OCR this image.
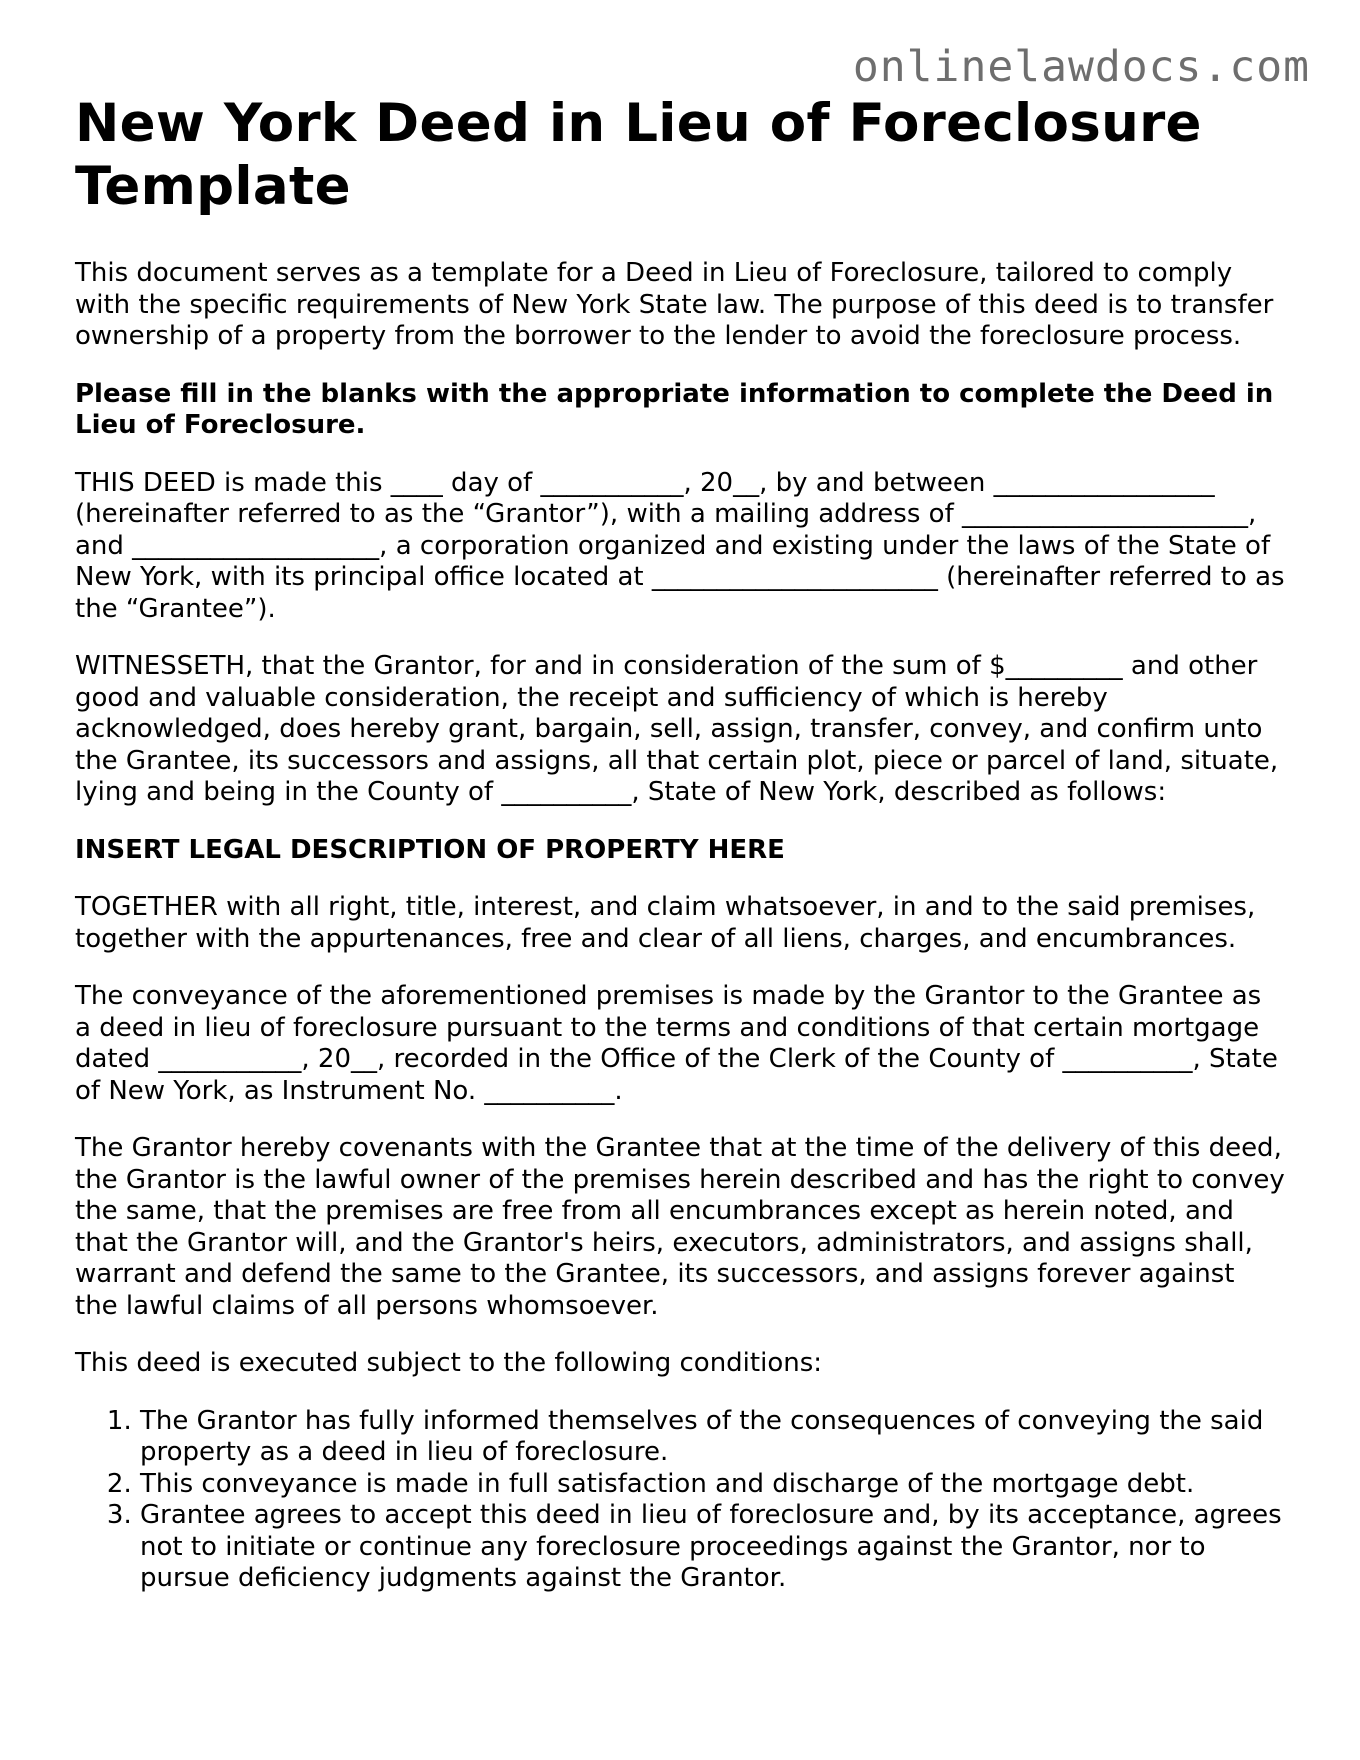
onlinelawdocs.com
New York Deed in Lieu of Foreclosure Template

This document serves as a template for a Deed in Lieu of Foreclosure, tailored to comply with the specific requirements of New York State law. The purpose of this deed is to transfer ownership of a property from the borrower to the lender to avoid the foreclosure process.

Please fill in the blanks with the appropriate information to complete the Deed in Lieu of Foreclosure.

THIS DEED is made this ____ day of ___________, 20__, by and between _________________ (hereinafter referred to as the “Grantor”), with a mailing address of ______________________, and ___________________, a corporation organized and existing under the laws of the State of New York, with its principal office located at ______________________ (hereinafter referred to as the “Grantee”).

WITNESSETH, that the Grantor, for and in consideration of the sum of $_________ and other good and valuable consideration, the receipt and sufficiency of which is hereby acknowledged, does hereby grant, bargain, sell, assign, transfer, convey, and confirm unto the Grantee, its successors and assigns, all that certain plot, piece or parcel of land, situate, lying and being in the County of __________, State of New York, described as follows:

INSERT LEGAL DESCRIPTION OF PROPERTY HERE

TOGETHER with all right, title, interest, and claim whatsoever, in and to the said premises, together with the appurtenances, free and clear of all liens, charges, and encumbrances.

The conveyance of the aforementioned premises is made by the Grantor to the Grantee as a deed in lieu of foreclosure pursuant to the terms and conditions of that certain mortgage dated ___________, 20__, recorded in the Office of the Clerk of the County of __________, State of New York, as Instrument No. __________.

The Grantor hereby covenants with the Grantee that at the time of the delivery of this deed, the Grantor is the lawful owner of the premises herein described and has the right to convey the same, that the premises are free from all encumbrances except as herein noted, and that the Grantor will, and the Grantor's heirs, executors, administrators, and assigns shall, warrant and defend the same to the Grantee, its successors, and assigns forever against the lawful claims of all persons whomsoever.

This deed is executed subject to the following conditions:

1. The Grantor has fully informed themselves of the consequences of conveying the said property as a deed in lieu of foreclosure.
2. This conveyance is made in full satisfaction and discharge of the mortgage debt.
3. Grantee agrees to accept this deed in lieu of foreclosure and, by its acceptance, agrees not to initiate or continue any foreclosure proceedings against the Grantor, nor to pursue deficiency judgments against the Grantor.
